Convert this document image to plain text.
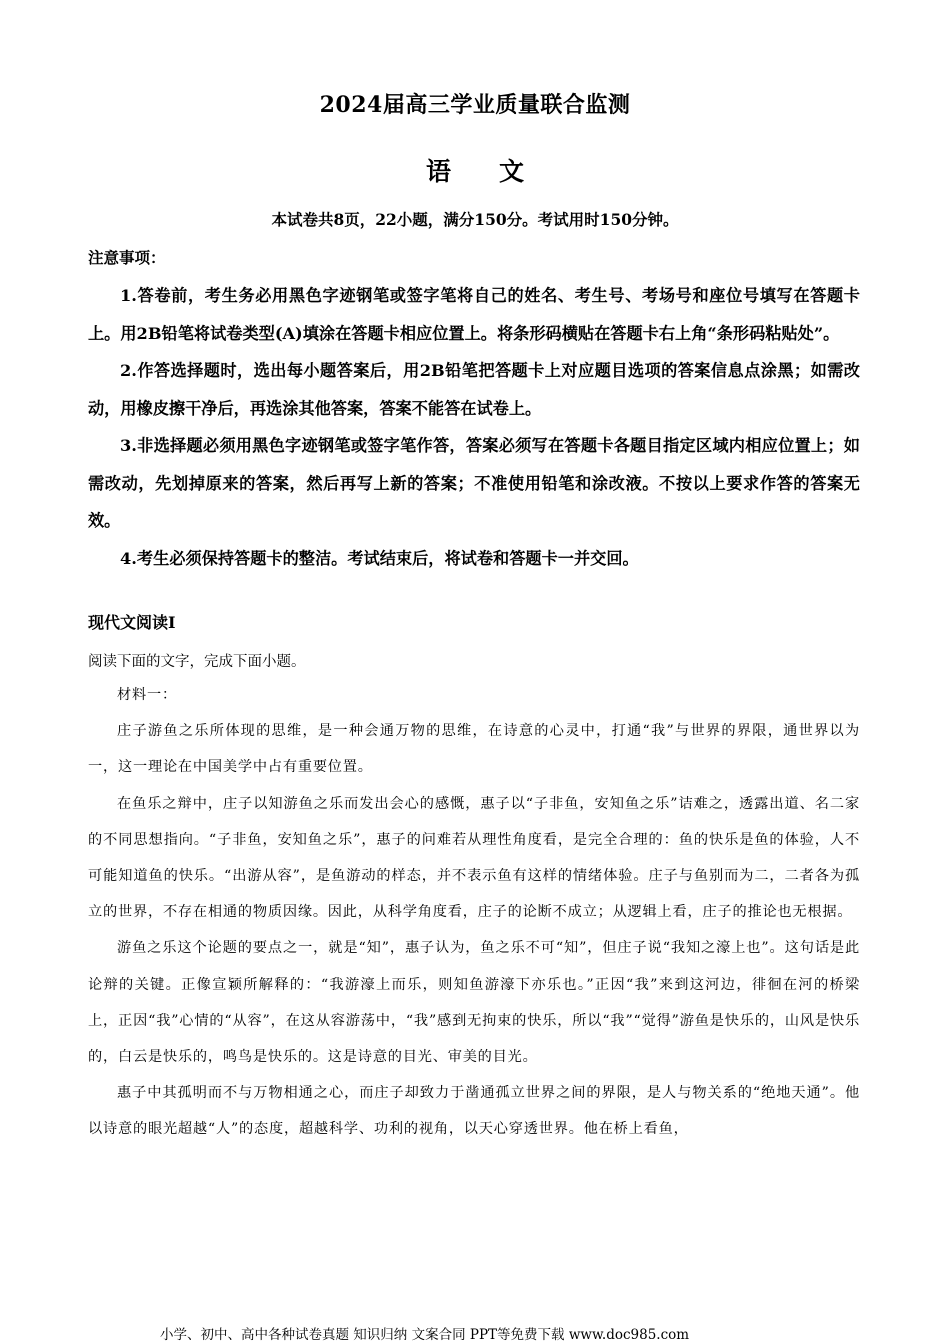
2024届高三学业质量联合监测
语文
本试卷共8页，22小题，满分150分。考试用时150分钟。
注意事项：

1.答卷前，考生务必用黑色字迹钢笔或签字笔将自己的姓名、考生号、考场号和座位号填写在答题卡上。用2B铅笔将试卷类型(A)填涂在答题卡相应位置上。将条形码横贴在答题卡右上角“条形码粘贴处”。

2.作答选择题时，选出每小题答案后，用2B铅笔把答题卡上对应题目选项的答案信息点涂黑；如需改动，用橡皮擦干净后，再选涂其他答案，答案不能答在试卷上。

3.非选择题必须用黑色字迹钢笔或签字笔作答，答案必须写在答题卡各题目指定区域内相应位置上；如需改动，先划掉原来的答案，然后再写上新的答案；不准使用铅笔和涂改液。不按以上要求作答的答案无效。

4.考生必须保持答题卡的整洁。考试结束后，将试卷和答题卡一并交回。

现代文阅读Ⅰ
阅读下面的文字，完成下面小题。

材料一：

庄子游鱼之乐所体现的思维，是一种会通万物的思维，在诗意的心灵中，打通“我”与世界的界限，通世界以为一，这一理论在中国美学中占有重要位置。

在鱼乐之辩中，庄子以知游鱼之乐而发出会心的感慨，惠子以“子非鱼，安知鱼之乐”诘难之，透露出道、名二家的不同思想指向。“子非鱼，安知鱼之乐”，惠子的问难若从理性角度看，是完全合理的：鱼的快乐是鱼的体验，人不可能知道鱼的快乐。“出游从容”，是鱼游动的样态，并不表示鱼有这样的情绪体验。庄子与鱼别而为二，二者各为孤立的世界，不存在相通的物质因缘。因此，从科学角度看，庄子的论断不成立；从逻辑上看，庄子的推论也无根据。

游鱼之乐这个论题的要点之一，就是“知”，惠子认为，鱼之乐不可“知”，但庄子说“我知之濠上也”。这句话是此论辩的关键。正像宣颖所解释的：“我游濠上而乐，则知鱼游濠下亦乐也。”正因“我”来到这河边，徘徊在河的桥梁上，正因“我”心情的“从容”，在这从容游荡中，“我”感到无拘束的快乐，所以“我”“觉得”游鱼是快乐的，山风是快乐的，白云是快乐的，鸣鸟是快乐的。这是诗意的目光、审美的目光。

惠子中其孤明而不与万物相通之心，而庄子却致力于凿通孤立世界之间的界限，是人与物关系的“绝地天通”。他以诗意的眼光超越“人”的态度，超越科学、功利的视角，以天心穿透世界。他在桥上看鱼，

小学、初中、高中各种试卷真题 知识归纳 文案合同 PPT等免费下载 www.doc985.com
